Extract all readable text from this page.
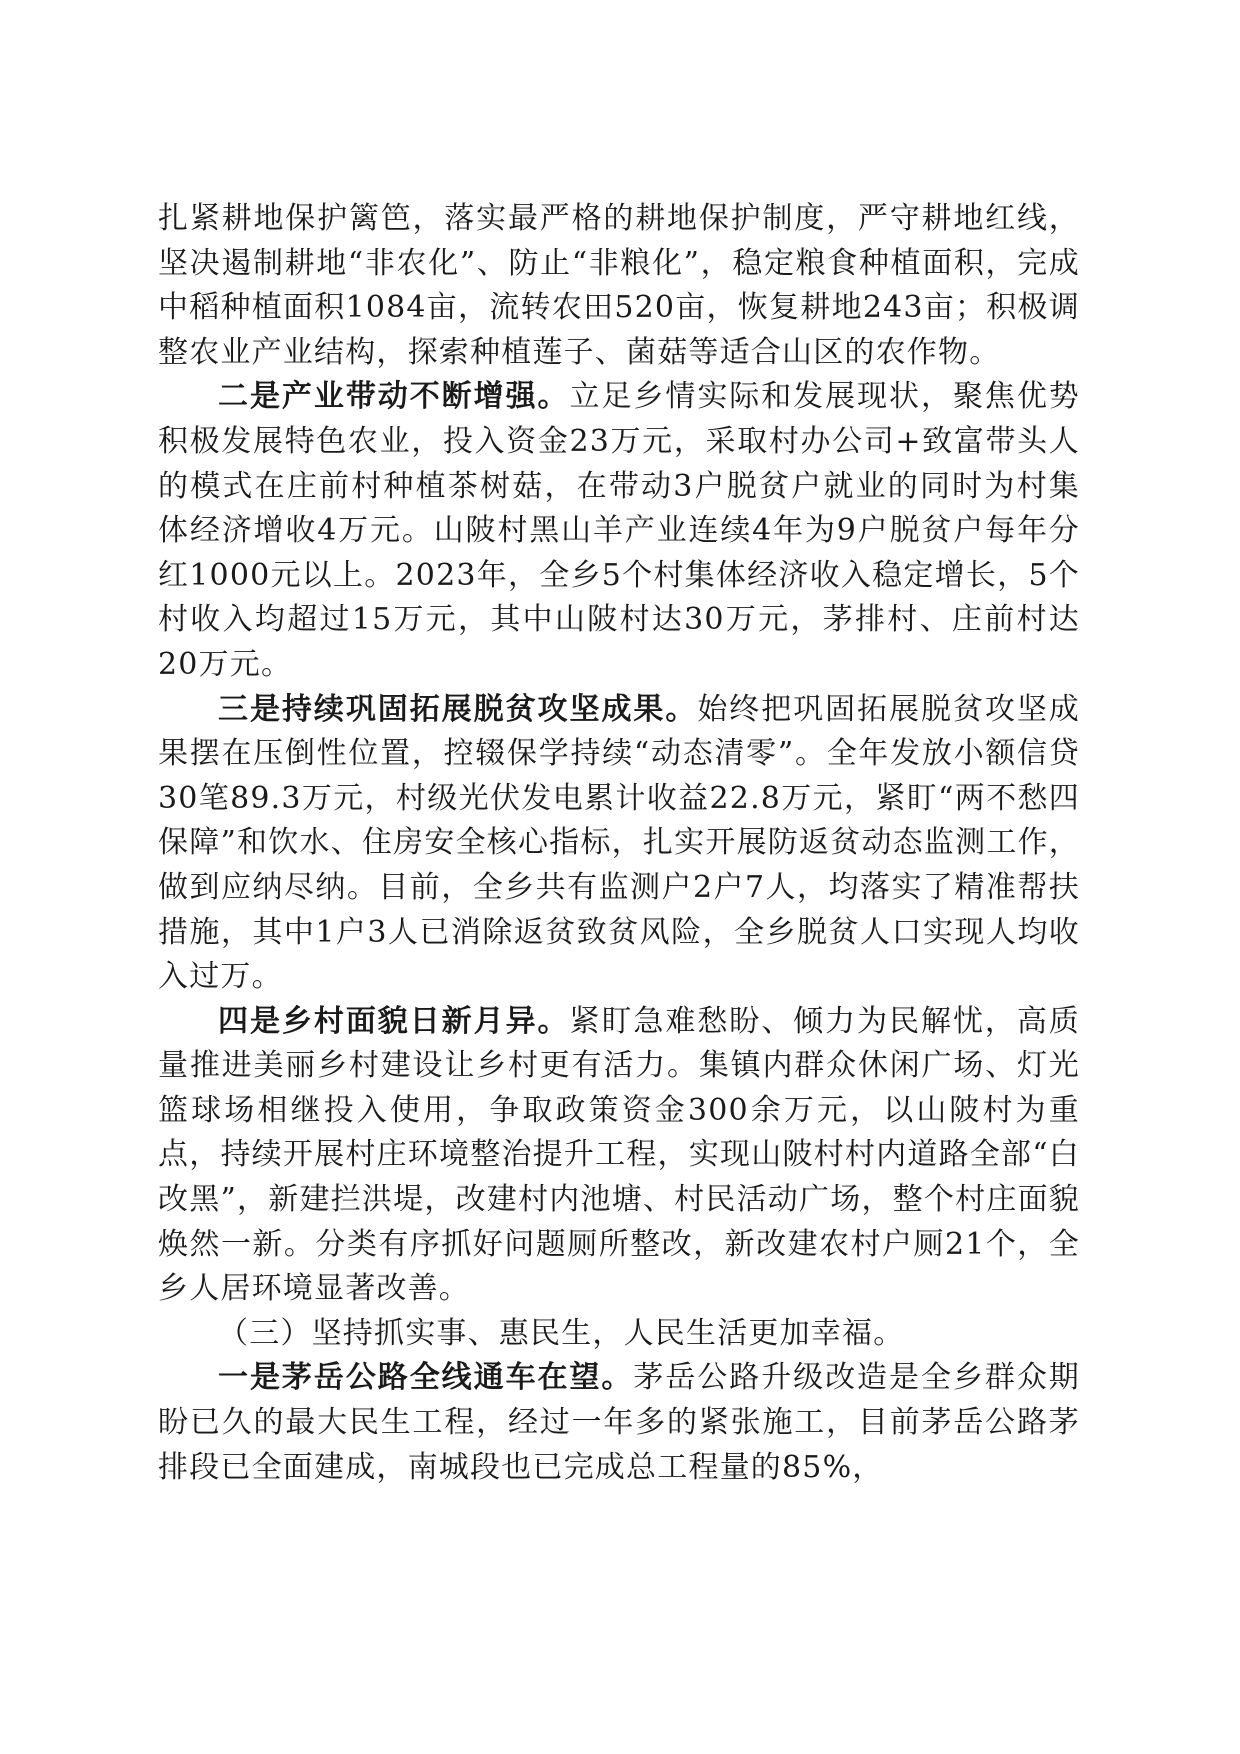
扎紧耕地保护篱笆，落实最严格的耕地保护制度，严守耕地红线，坚决遏制耕地“非农化”、防止“非粮化”，稳定粮食种植面积，完成中稻种植面积1084亩，流转农田520亩，恢复耕地243亩；积极调整农业产业结构，探索种植莲子、菌菇等适合山区的农作物。

二是产业带动不断增强。立足乡情实际和发展现状，聚焦优势积极发展特色农业，投入资金23万元，采取村办公司+致富带头人的模式在庄前村种植茶树菇，在带动3户脱贫户就业的同时为村集体经济增收4万元。山陂村黑山羊产业连续4年为9户脱贫户每年分红1000元以上。2023年，全乡5个村集体经济收入稳定增长，5个村收入均超过15万元，其中山陂村达30万元，茅排村、庄前村达20万元。

三是持续巩固拓展脱贫攻坚成果。始终把巩固拓展脱贫攻坚成果摆在压倒性位置，控辍保学持续“动态清零”。全年发放小额信贷30笔89.3万元，村级光伏发电累计收益22.8万元，紧盯“两不愁四保障”和饮水、住房安全核心指标，扎实开展防返贫动态监测工作，做到应纳尽纳。目前，全乡共有监测户2户7人，均落实了精准帮扶措施，其中1户3人已消除返贫致贫风险，全乡脱贫人口实现人均收入过万。

四是乡村面貌日新月异。紧盯急难愁盼、倾力为民解忧，高质量推进美丽乡村建设让乡村更有活力。集镇内群众休闲广场、灯光篮球场相继投入使用，争取政策资金300余万元，以山陂村为重点，持续开展村庄环境整治提升工程，实现山陂村村内道路全部“白改黑”，新建拦洪堤，改建村内池塘、村民活动广场，整个村庄面貌焕然一新。分类有序抓好问题厕所整改，新改建农村户厕21个，全乡人居环境显著改善。

（三）坚持抓实事、惠民生，人民生活更加幸福。

一是茅岳公路全线通车在望。茅岳公路升级改造是全乡群众期盼已久的最大民生工程，经过一年多的紧张施工，目前茅岳公路茅排段已全面建成，南城段也已完成总工程量的85%，
